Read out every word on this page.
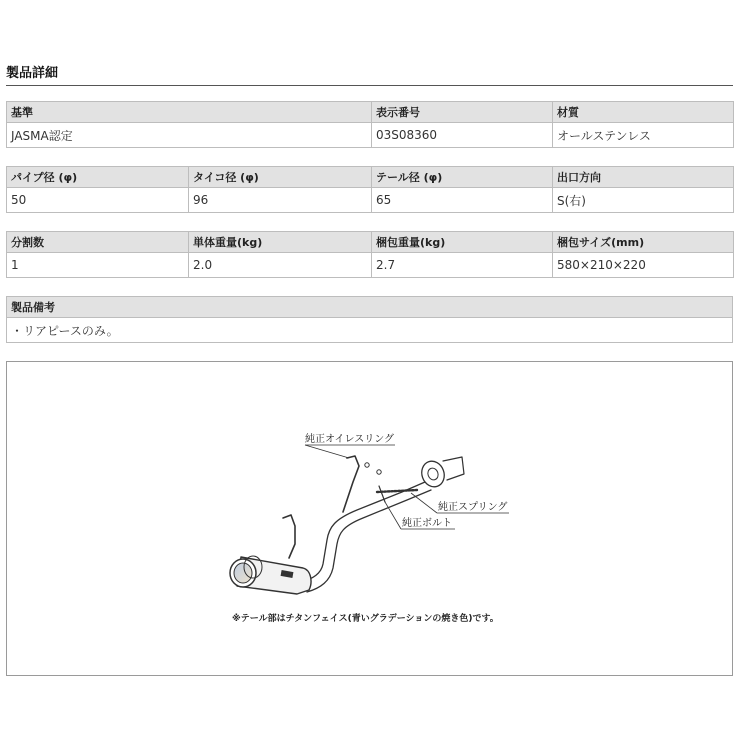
製品詳細
基準	表示番号	材質
JASMA認定	03S08360	オールステンレス
パイプ径 (φ)	タイコ径 (φ)	テール径 (φ)	出口方向
50	96	65	S(右)
分割数	単体重量(kg)	梱包重量(kg)	梱包サイズ(mm)
1	2.0	2.7	580×210×220
製品備考
・リアピースのみ。
純正オイレスリング
純正スプリング
純正ボルト
※テール部はチタンフェイス(青いグラデーションの焼き色)です。
